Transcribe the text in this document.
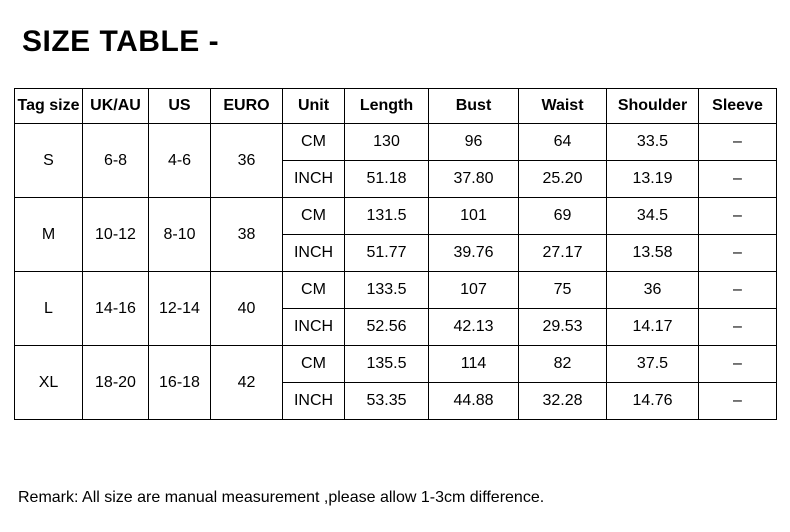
SIZE TABLE -
Tag size	UK/AU	US	EURO	Unit	Length	Bust	Waist	Shoulder	Sleeve
S	6-8	4-6	36	CM	130	96	64	33.5	–
				INCH	51.18	37.80	25.20	13.19	–
M	10-12	8-10	38	CM	131.5	101	69	34.5	–
				INCH	51.77	39.76	27.17	13.58	–
L	14-16	12-14	40	CM	133.5	107	75	36	–
				INCH	52.56	42.13	29.53	14.17	–
XL	18-20	16-18	42	CM	135.5	114	82	37.5	–
				INCH	53.35	44.88	32.28	14.76	–
Remark: All size are manual measurement ,please allow 1-3cm difference.
